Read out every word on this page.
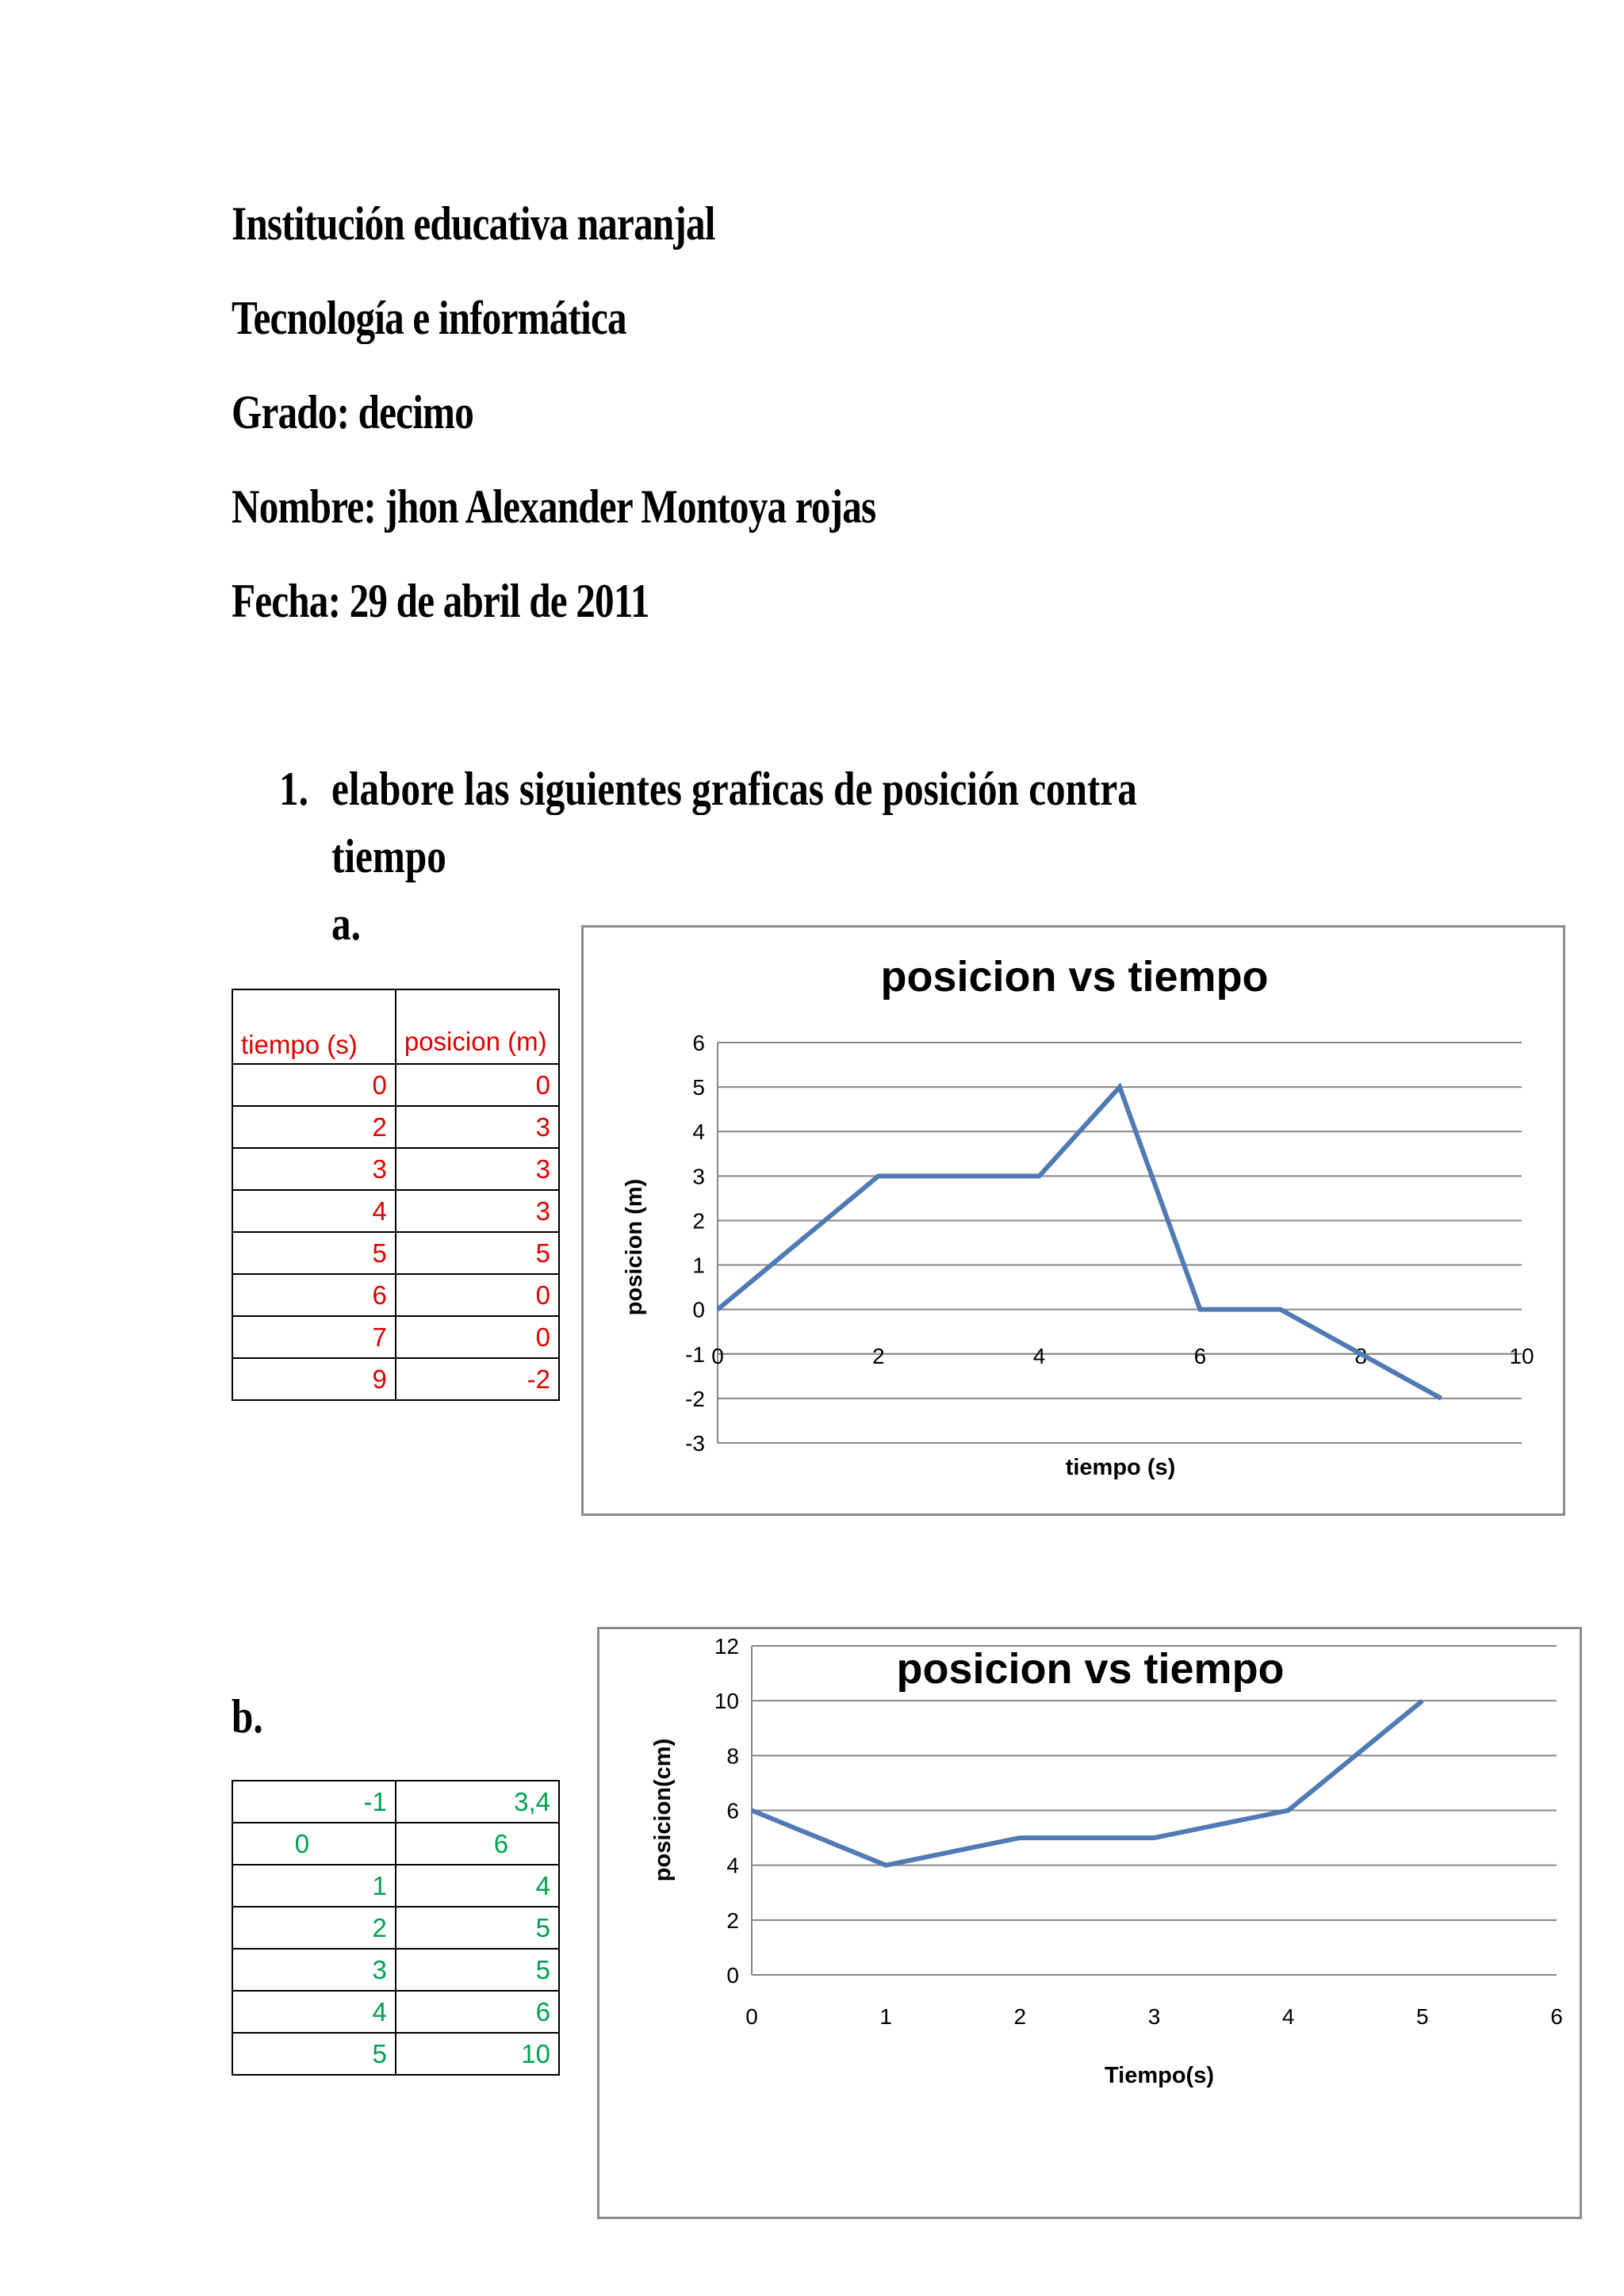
Institución educativa naranjal

Tecnología e informática

Grado: decimo

Nombre: jhon Alexander Montoya rojas

Fecha: 29 de abril de 2011

1. elabore las siguientes graficas de posición contra

tiempo

a.

b.

tiempo (s)	posicion (m)
0	0
2	3
3	3
4	3
5	5
6	0
7	0
9	-2
-1	3,4
0	6
1	4
2	5
3	5
4	6
5	10
posicion vs tiempo
tiempo (s)
posicion (m)
-3
-2
-1
0
1
2
3
4
5
6
0	2	4	6	8	10
posicion vs tiempo
Tiempo(s)
posicion(cm)
0
2
4
6
8
10
12
0	1	2	3	4	5	6
